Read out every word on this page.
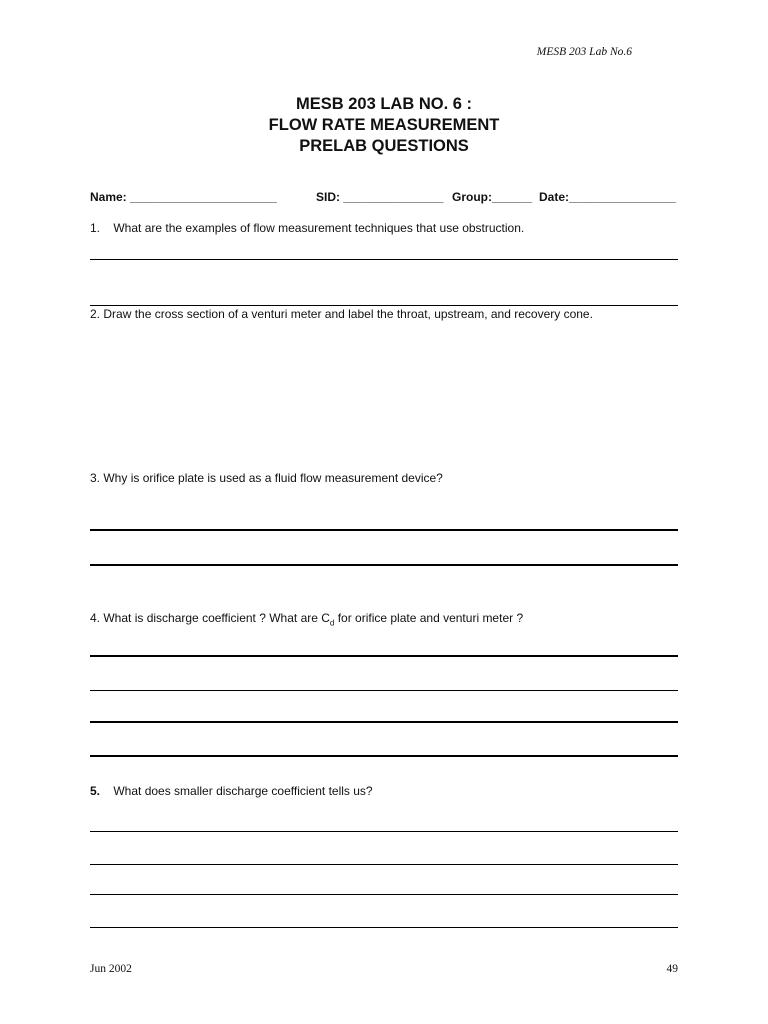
MESB 203 Lab No.6
MESB 203 LAB NO. 6 :
FLOW RATE MEASUREMENT
PRELAB QUESTIONS
Name: ______________________	SID: _______________ Group:______ Date:________________
1. What are the examples of flow measurement techniques that use obstruction.
2. Draw the cross section of a venturi meter and label the throat, upstream, and recovery cone.
3. Why is orifice plate is used as a fluid flow measurement device?
4. What is discharge coefficient ? What are $C_d$ for orifice plate and venturi meter ?
5. What does smaller discharge coefficient tells us?
Jun 2002	49
